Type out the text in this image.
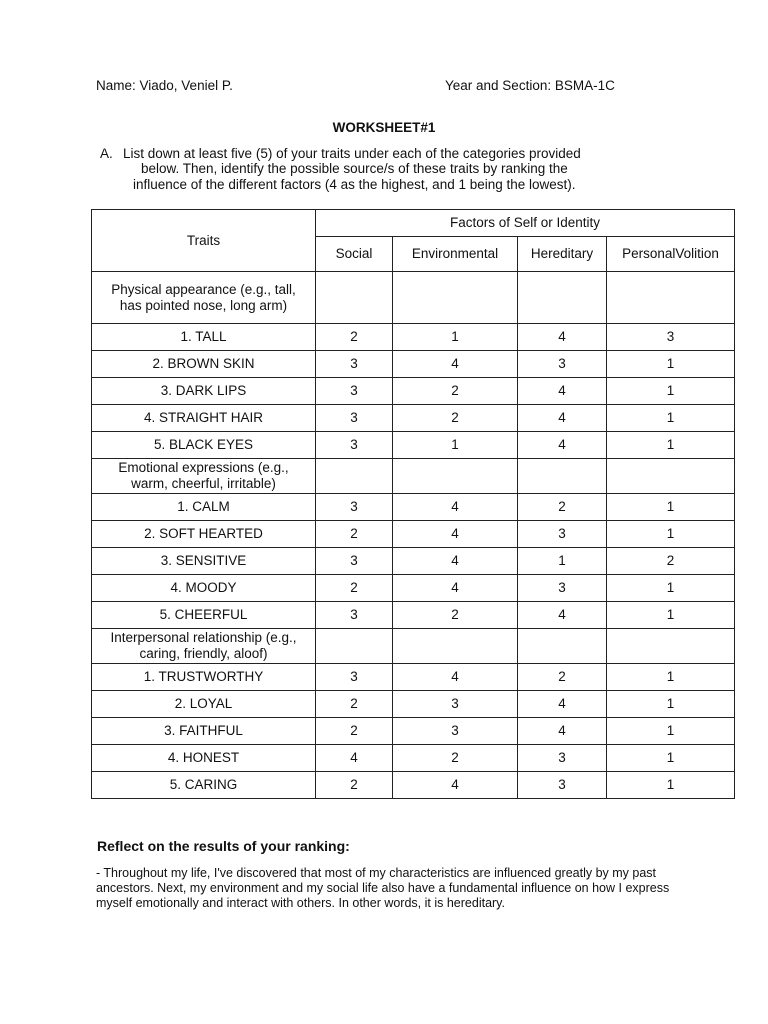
Name: Viado, Veniel P.	Year and Section: BSMA-1C
WORKSHEET#1
A. List down at least five (5) of your traits under each of the categories provided
below. Then, identify the possible source/s of these traits by ranking the
influence of the different factors (4 as the highest, and 1 being the lowest).
Traits	Factors of Self or Identity			
	Social	Environmental	Hereditary	PersonalVolition
Physical appearance (e.g., tall, has pointed nose, long arm)				
1. TALL	2	1	4	3
2. BROWN SKIN	3	4	3	1
3. DARK LIPS	3	2	4	1
4. STRAIGHT HAIR	3	2	4	1
5. BLACK EYES	3	1	4	1
Emotional expressions (e.g., warm, cheerful, irritable)				
1. CALM	3	4	2	1
2. SOFT HEARTED	2	4	3	1
3. SENSITIVE	3	4	1	2
4. MOODY	2	4	3	1
5. CHEERFUL	3	2	4	1
Interpersonal relationship (e.g., caring, friendly, aloof)				
1. TRUSTWORTHY	3	4	2	1
2. LOYAL	2	3	4	1
3. FAITHFUL	2	3	4	1
4. HONEST	4	2	3	1
5. CARING	2	4	3	1
Reflect on the results of your ranking:
- Throughout my life, I've discovered that most of my characteristics are influenced greatly by my past ancestors. Next, my environment and my social life also have a fundamental influence on how I express myself emotionally and interact with others. In other words, it is hereditary.
